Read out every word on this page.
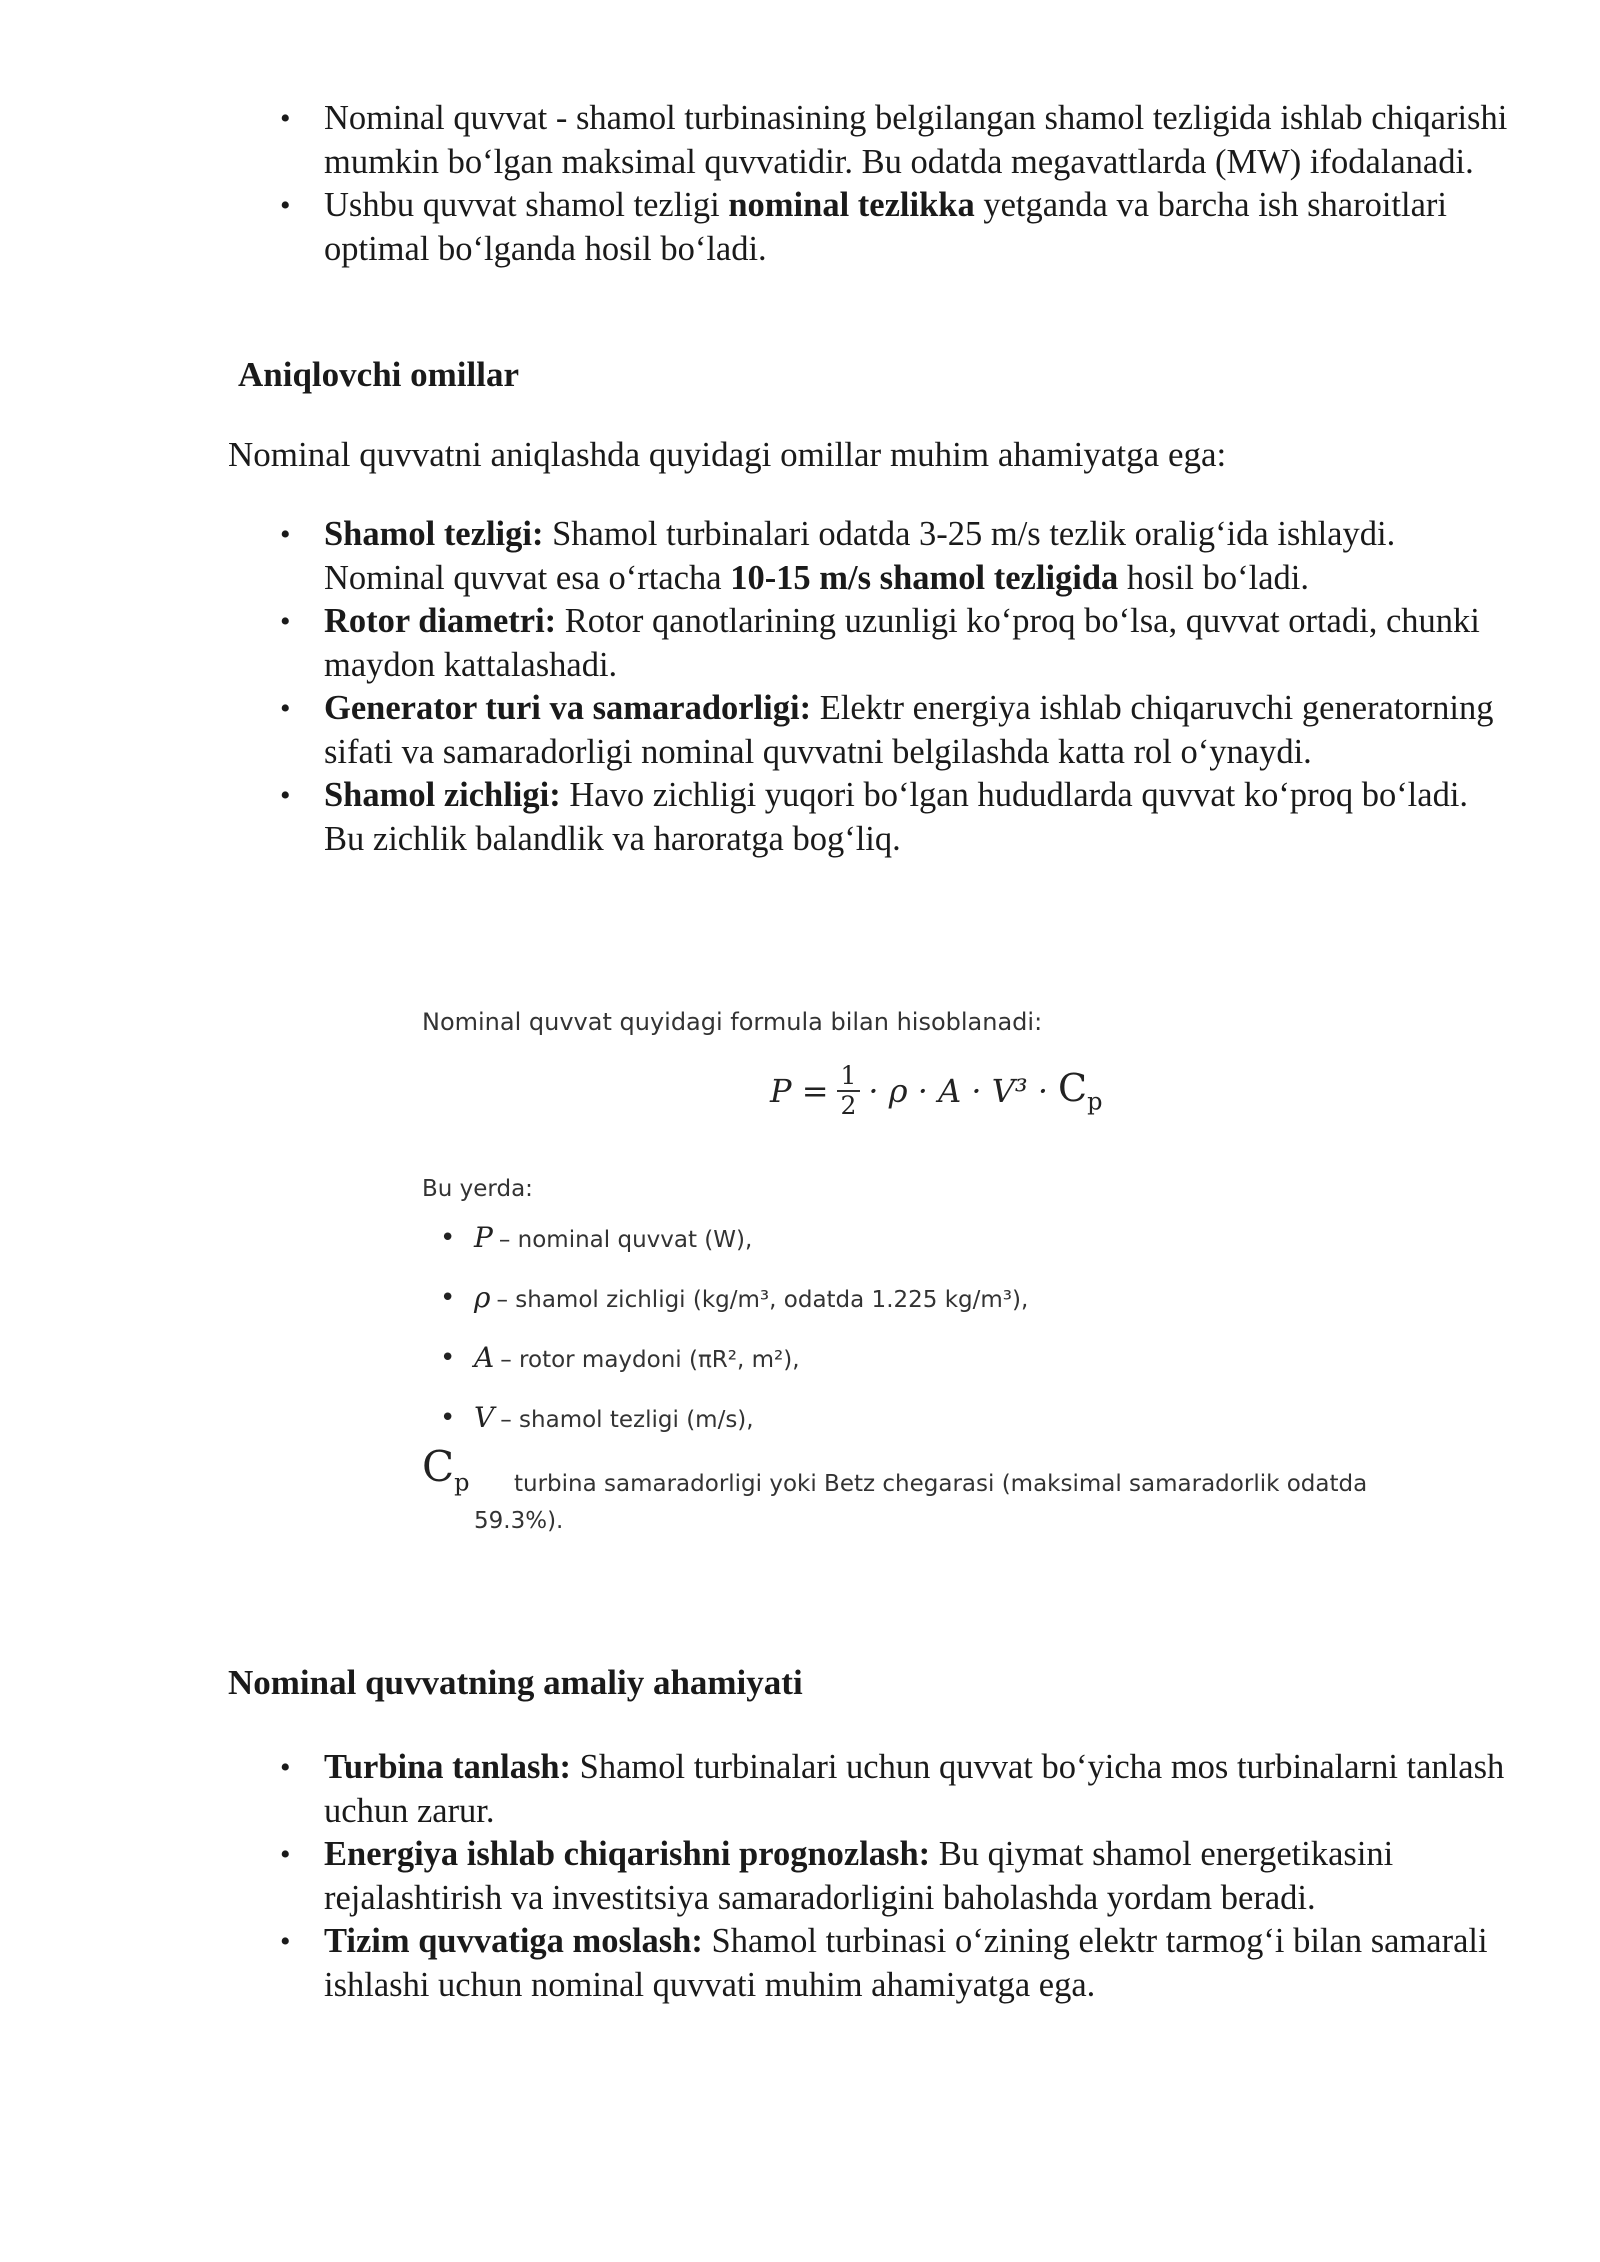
• Nominal quvvat - shamol turbinasining belgilangan shamol tezligida ishlab chiqarishi mumkin bo‘lgan maksimal quvvatidir. Bu odatda megavattlarda (MW) ifodalanadi.
• Ushbu quvvat shamol tezligi nominal tezlikka yetganda va barcha ish sharoitlari optimal bo‘lganda hosil bo‘ladi.
Aniqlovchi omillar
Nominal quvvatni aniqlashda quyidagi omillar muhim ahamiyatga ega:
• Shamol tezligi: Shamol turbinalari odatda 3-25 m/s tezlik oralig‘ida ishlaydi. Nominal quvvat esa o‘rtacha 10-15 m/s shamol tezligida hosil bo‘ladi.
• Rotor diametri: Rotor qanotlarining uzunligi ko‘proq bo‘lsa, quvvat ortadi, chunki maydon kattalashadi.
• Generator turi va samaradorligi: Elektr energiya ishlab chiqaruvchi generatorning sifati va samaradorligi nominal quvvatni belgilashda katta rol o‘ynaydi.
• Shamol zichligi: Havo zichligi yuqori bo‘lgan hududlarda quvvat ko‘proq bo‘ladi. Bu zichlik balandlik va haroratga bog‘liq.
Nominal quvvat quyidagi formula bilan hisoblanadi:
$P = \frac{1}{2} \cdot \rho \cdot A \cdot V^3 \cdot C_p$
Bu yerda:
• P – nominal quvvat (W),
• ρ – shamol zichligi (kg/m³, odatda 1.225 kg/m³),
• A – rotor maydoni (πR², m²),
• V – shamol tezligi (m/s),
$C_p$ turbina samaradorligi yoki Betz chegarasi (maksimal samaradorlik odatda
59.3%).
Nominal quvvatning amaliy ahamiyati
• Turbina tanlash: Shamol turbinalari uchun quvvat bo‘yicha mos turbinalarni tanlash uchun zarur.
• Energiya ishlab chiqarishni prognozlash: Bu qiymat shamol energetikasini rejalashtirish va investitsiya samaradorligini baholashda yordam beradi.
• Tizim quvvatiga moslash: Shamol turbinasi o‘zining elektr tarmog‘i bilan samarali ishlashi uchun nominal quvvati muhim ahamiyatga ega.
